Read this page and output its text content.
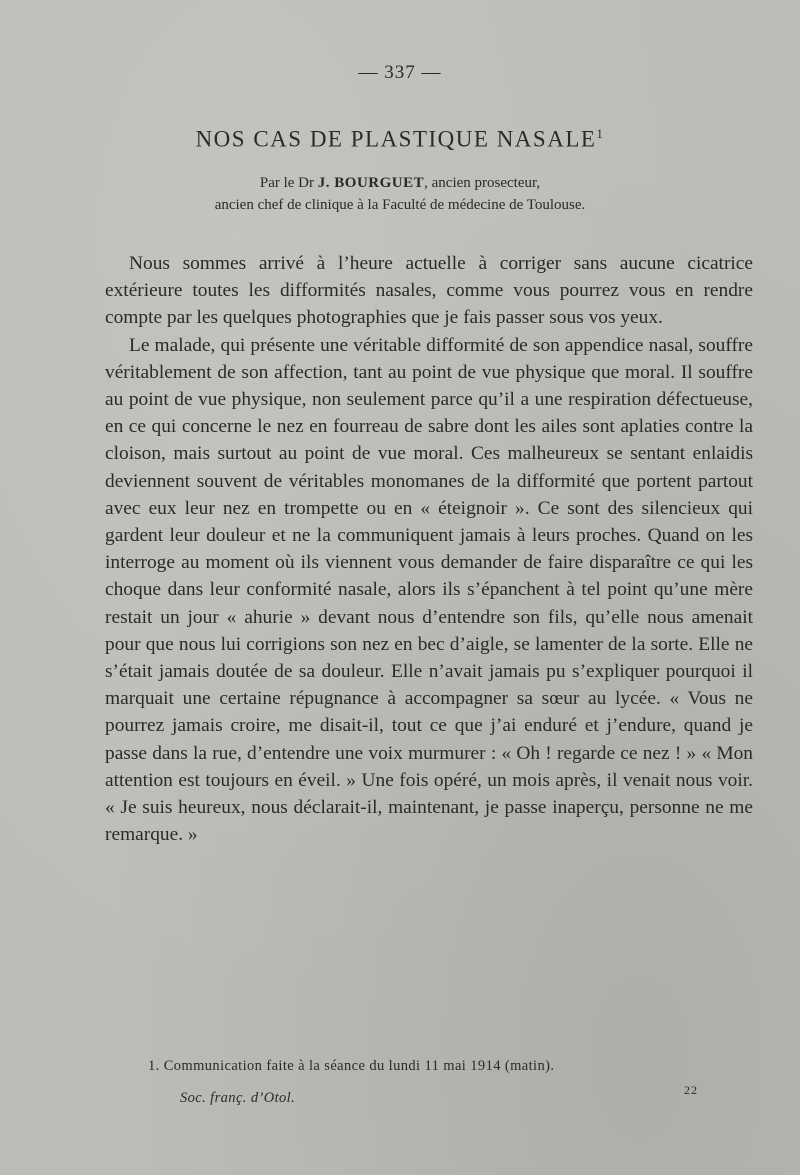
— 337 —
NOS CAS DE PLASTIQUE NASALE$^1$
Par le Dr J. BOURGUET, ancien prosecteur,
ancien chef de clinique à la Faculté de médecine de Toulouse.

Nous sommes arrivé à l’heure actuelle à corriger sans aucune cicatrice extérieure toutes les difformités nasales, comme vous pourrez vous en rendre compte par les quelques photographies que je fais passer sous vos yeux.

Le malade, qui présente une véritable difformité de son appendice nasal, souffre véritablement de son affection, tant au point de vue physique que moral. Il souffre au point de vue physique, non seulement parce qu’il a une respiration défectueuse, en ce qui concerne le nez en fourreau de sabre dont les ailes sont aplaties contre la cloison, mais surtout au point de vue moral. Ces malheureux se sentant enlaidis deviennent souvent de véritables monomanes de la difformité que portent partout avec eux leur nez en trompette ou en « éteignoir ». Ce sont des silencieux qui gardent leur douleur et ne la communiquent jamais à leurs proches. Quand on les interroge au moment où ils viennent vous demander de faire disparaître ce qui les choque dans leur conformité nasale, alors ils s’épanchent à tel point qu’une mère restait un jour « ahurie » devant nous d’entendre son fils, qu’elle nous amenait pour que nous lui corrigions son nez en bec d’aigle, se lamenter de la sorte. Elle ne s’était jamais doutée de sa douleur. Elle n’avait jamais pu s’expliquer pourquoi il marquait une certaine répugnance à accompagner sa sœur au lycée. « Vous ne pourrez jamais croire, me disait-il, tout ce que j’ai enduré et j’endure, quand je passe dans la rue, d’entendre une voix murmurer : « Oh ! regarde ce nez ! » « Mon attention est toujours en éveil. » Une fois opéré, un mois après, il venait nous voir. « Je suis heureux, nous déclarait-il, maintenant, je passe inaperçu, personne ne me remarque. »

1. Communication faite à la séance du lundi 11 mai 1914 (matin).
Soc. franç. d’Otol.	22
